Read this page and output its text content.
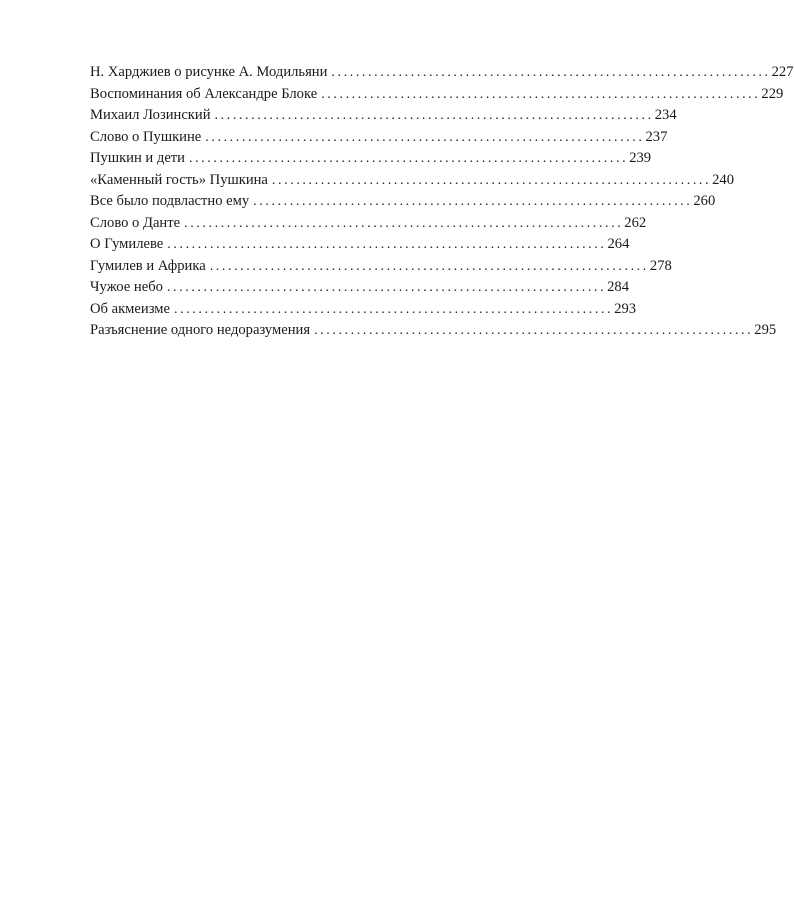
Н. Харджиев о рисунке А. Модильяни ........................................................................ 227
Воспоминания об Александре Блоке ........................................................................ 229
Михаил Лозинский ........................................................................ 234
Слово о Пушкине ........................................................................ 237
Пушкин и дети ........................................................................ 239
«Каменный гость» Пушкина ........................................................................ 240
Все было подвластно ему ........................................................................ 260
Слово о Данте ........................................................................ 262
О Гумилеве ........................................................................ 264
Гумилев и Африка ........................................................................ 278
Чужое небо ........................................................................ 284
Об акмеизме ........................................................................ 293
Разъяснение одного недоразумения ........................................................................ 295
